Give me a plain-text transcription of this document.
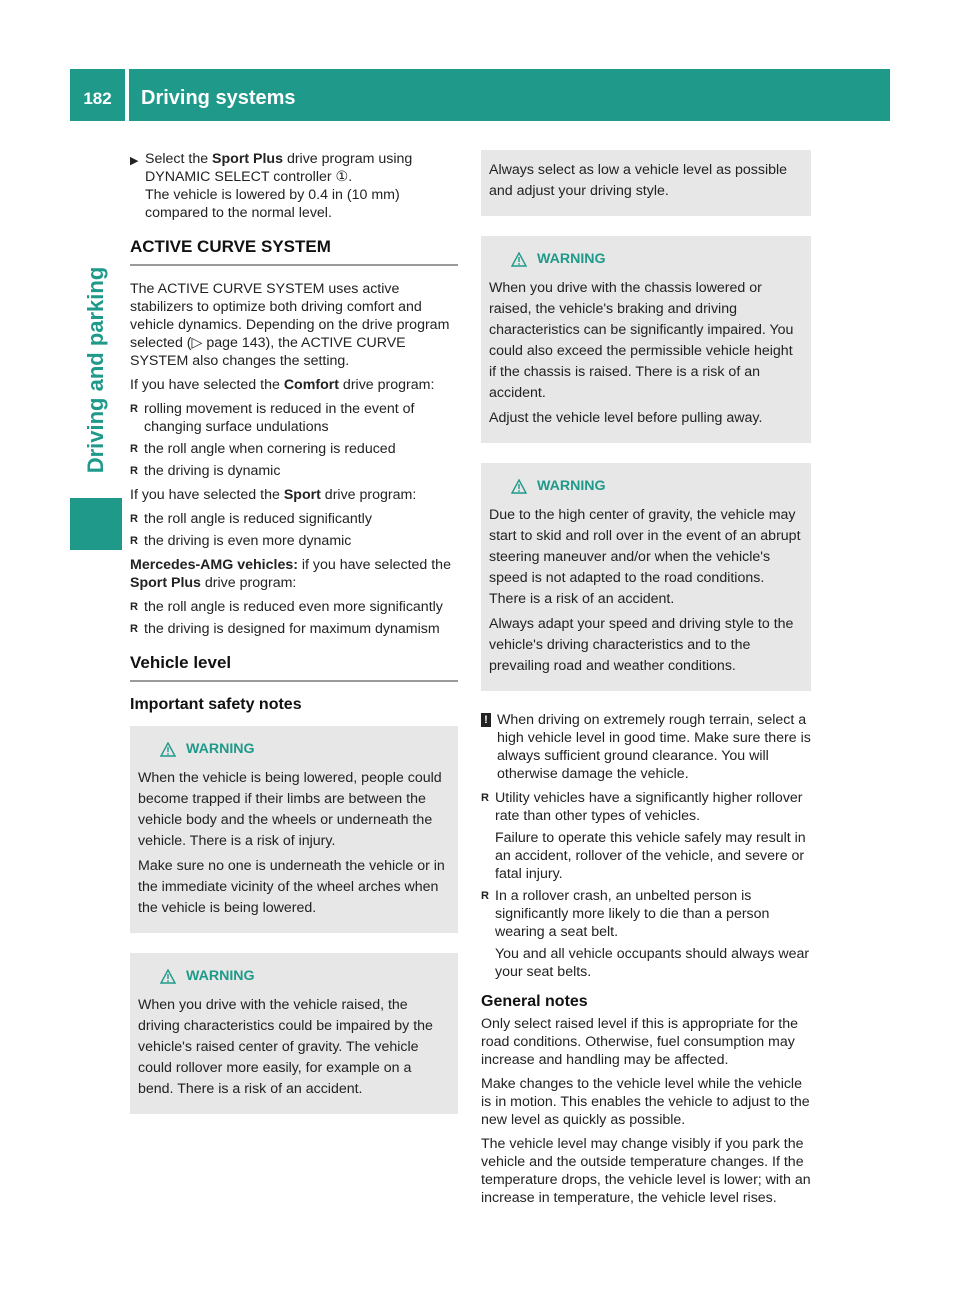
182	Driving systems
Driving and parking
▶ Select the Sport Plus drive program using DYNAMIC SELECT controller ①.
The vehicle is lowered by 0.4 in (10 mm) compared to the normal level.
ACTIVE CURVE SYSTEM

The ACTIVE CURVE SYSTEM uses active stabilizers to optimize both driving comfort and vehicle dynamics. Depending on the drive program selected (▷ page 143), the ACTIVE CURVE SYSTEM also changes the setting.

If you have selected the Comfort drive program:

R rolling movement is reduced in the event of changing surface undulations
R the roll angle when cornering is reduced
R the driving is dynamic

If you have selected the Sport drive program:

R the roll angle is reduced significantly
R the driving is even more dynamic

Mercedes-AMG vehicles: if you have selected the Sport Plus drive program:

R the roll angle is reduced even more significantly
R the driving is designed for maximum dynamism
Vehicle level
Important safety notes
WARNING

When the vehicle is being lowered, people could become trapped if their limbs are between the vehicle body and the wheels or underneath the vehicle. There is a risk of injury.

Make sure no one is underneath the vehicle or in the immediate vicinity of the wheel arches when the vehicle is being lowered.

WARNING

When you drive with the vehicle raised, the driving characteristics could be impaired by the vehicle's raised center of gravity. The vehicle could rollover more easily, for example on a bend. There is a risk of an accident.

Always select as low a vehicle level as possible and adjust your driving style.

WARNING

When you drive with the chassis lowered or raised, the vehicle's braking and driving characteristics can be significantly impaired. You could also exceed the permissible vehicle height if the chassis is raised. There is a risk of an accident.

Adjust the vehicle level before pulling away.

WARNING

Due to the high center of gravity, the vehicle may start to skid and roll over in the event of an abrupt steering maneuver and/or when the vehicle's speed is not adapted to the road conditions. There is a risk of an accident.

Always adapt your speed and driving style to the vehicle's driving characteristics and to the prevailing road and weather conditions.

! When driving on extremely rough terrain, select a high vehicle level in good time. Make sure there is always sufficient ground clearance. You will otherwise damage the vehicle.
R Utility vehicles have a significantly higher rollover rate than other types of vehicles.
Failure to operate this vehicle safely may result in an accident, rollover of the vehicle, and severe or fatal injury.
R In a rollover crash, an unbelted person is significantly more likely to die than a person wearing a seat belt.
You and all vehicle occupants should always wear your seat belts.
General notes

Only select raised level if this is appropriate for the road conditions. Otherwise, fuel consumption may increase and handling may be affected.

Make changes to the vehicle level while the vehicle is in motion. This enables the vehicle to adjust to the new level as quickly as possible.

The vehicle level may change visibly if you park the vehicle and the outside temperature changes. If the temperature drops, the vehicle level is lower; with an increase in temperature, the vehicle level rises.
